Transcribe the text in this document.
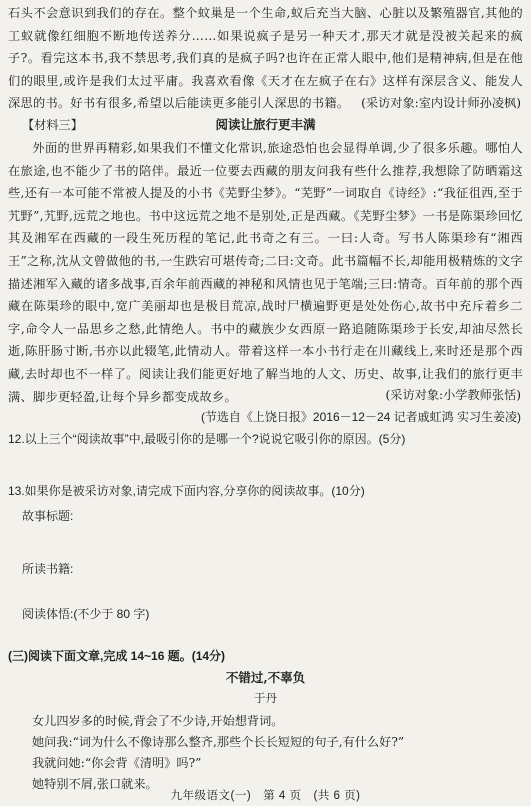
石头不会意识到我们的存在。整个蚊巢是一个生命,蚁后充当大脑、心脏以及繁殖器官,其他的工蚁就像红细胞不断地传送养分……如果说疯子是另一种天才,那天才就是没被关起来的疯子?。看完这本书,我不禁思考,我们真的是疯子吗?也许在正常人眼中,他们是精神病,但是在他们的眼里,或许是我们太过平庸。我喜欢看像《天才在左疯子在右》这样有深层含义、能发人深思的书。好书有很多,希望以后能读更多能引人深思的书籍。 (采访对象:室内设计师孙凌枫)
【材料三】	阅读让旅行更丰满
外面的世界再精彩,如果我们不懂文化常识,旅途恐怕也会显得单调,少了很多乐趣。哪怕人在旅途,也不能少了书的陪伴。最近一位要去西藏的朋友问我有些什么推荐,我想除了防晒霜这些,还有一本可能不常被人提及的小书《芜野尘梦》。“芜野”一词取自《诗经》:“我征徂西,至于艽野”,艽野,远荒之地也。书中这远荒之地不是别处,正是西藏。《芜野尘梦》一书是陈渠珍回忆其及湘军在西藏的一段生死历程的笔记,此书奇之有三。一曰:人奇。写书人陈渠珍有“湘西王”之称,沈从文曾做他的书,一生跌宕可堪传奇;二曰:文奇。此书篇幅不长,却能用极精炼的文字描述湘军入藏的诸多战事,百余年前西藏的神秘和风情也见于笔端;三曰:情奇。百年前的那个西藏在陈渠珍的眼中,宽广美丽却也是极目荒凉,战时尸横遍野更是处处伤心,故书中充斥着乡二字,命令人一品思乡之愁,此情绝人。书中的藏族少女西原一路追随陈渠珍于长安,却油尽然长逝,陈肝肠寸断,书亦以此辍笔,此情动人。带着这样一本小书行走在川藏线上,来时还是那个西藏,去时却也不一样了。阅读让我们能更好地了解当地的人文、历史、故事,让我们的旅行更丰满、脚步更轻盈,让每个异乡都变成故乡。	(采访对象:小学教师张恬)
(节选自《上饶日报》2016－12－24 记者戚虹鸿 实习生姜凌)
12.以上三个“阅读故事”中,最吸引你的是哪一个?说说它吸引你的原因。(5分)
13.如果你是被采访对象,请完成下面内容,分享你的阅读故事。(10分)
故事标题:
所读书籍:
阅读体悟:(不少于 80 字)
(三)阅读下面文章,完成 14~16 题。(14分)
不错过,不辜负
于丹
女儿四岁多的时候,背会了不少诗,开始想背词。
她问我:“词为什么不像诗那么整齐,那些个长长短短的句子,有什么好?”
我就问她:“你会背《清明》吗?”
她特别不屑,张口就来。
九年级语文(一)　第 4 页　(共 6 页)
